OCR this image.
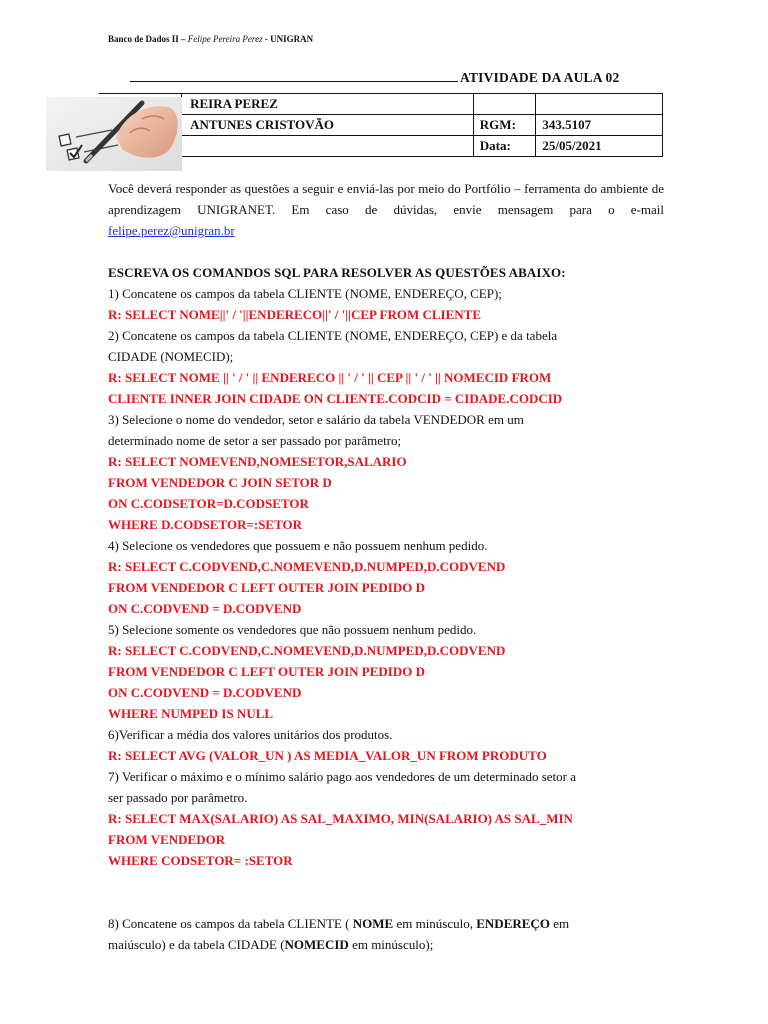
Banco de Dados II – Felipe Pereira Perez - UNIGRAN
ATIVIDADE DA AULA 02
	REIRA PEREZ		
	ANTUNES CRISTOVÃO	RGM:	343.5107
		Data:	25/05/2021
Você deverá responder as questões a seguir e enviá-las por meio do Portfólio – ferramenta do ambiente de aprendizagem UNIGRANET. Em caso de dúvidas, envie mensagem para o e-mail felipe.perez@unigran.br
ESCREVA OS COMANDOS SQL PARA RESOLVER AS QUESTÕES ABAIXO:
1) Concatene os campos da tabela CLIENTE (NOME, ENDEREÇO, CEP);
R: SELECT NOME||' / '||ENDERECO||' / '||CEP FROM CLIENTE
2) Concatene os campos da tabela CLIENTE (NOME, ENDEREÇO, CEP) e da tabela
CIDADE (NOMECID);
R: SELECT NOME || ' / ' || ENDERECO || ' / ' || CEP || ' / ' || NOMECID FROM
CLIENTE INNER JOIN CIDADE ON CLIENTE.CODCID = CIDADE.CODCID
3) Selecione o nome do vendedor, setor e salário da tabela VENDEDOR em um
determinado nome de setor a ser passado por parâmetro;
R: SELECT NOMEVEND,NOMESETOR,SALARIO
FROM VENDEDOR C JOIN SETOR D
ON C.CODSETOR=D.CODSETOR
WHERE D.CODSETOR=:SETOR
4) Selecione os vendedores que possuem e não possuem nenhum pedido.
R: SELECT C.CODVEND,C.NOMEVEND,D.NUMPED,D.CODVEND
FROM VENDEDOR C LEFT OUTER JOIN PEDIDO D
ON C.CODVEND = D.CODVEND
5) Selecione somente os vendedores que não possuem nenhum pedido.
R: SELECT C.CODVEND,C.NOMEVEND,D.NUMPED,D.CODVEND
FROM VENDEDOR C LEFT OUTER JOIN PEDIDO D
ON C.CODVEND = D.CODVEND
WHERE NUMPED IS NULL
6)Verificar a média dos valores unitários dos produtos.
R: SELECT AVG (VALOR_UN ) AS MEDIA_VALOR_UN FROM PRODUTO
7) Verificar o máximo e o mínimo salário pago aos vendedores de um determinado setor a
ser passado por parâmetro.
R: SELECT MAX(SALARIO) AS SAL_MAXIMO, MIN(SALARIO) AS SAL_MIN
FROM VENDEDOR
WHERE CODSETOR= :SETOR
8) Concatene os campos da tabela CLIENTE ( NOME em minúsculo, ENDEREÇO em
maiúsculo) e da tabela CIDADE (NOMECID em minúsculo);
